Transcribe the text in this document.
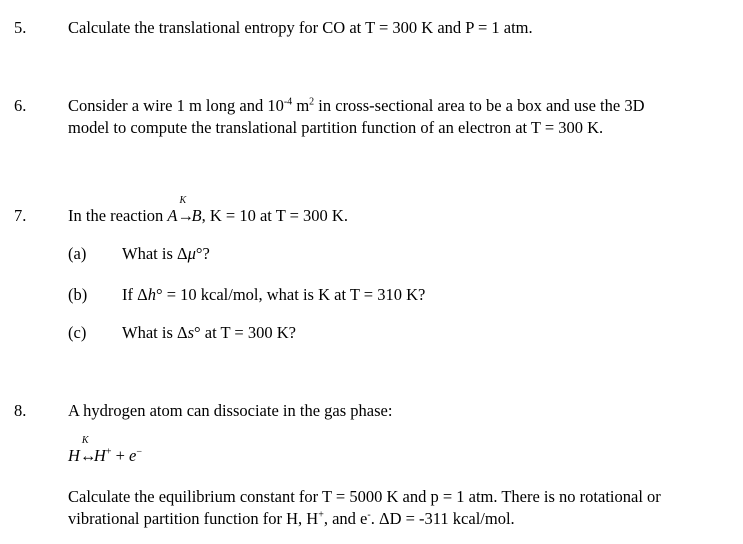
5.	Calculate the translational entropy for CO at T = 300 K and P = 1 atm.
6.	Consider a wire 1 m long and $10^{-4}$ $m^2$ in cross-sectional area to be a box and use the 3D
model to compute the translational partition function of an electron at T = 300 K.
7.	In the reaction A
K
→B, K = 10 at T = 300 K.
(a) What is Δμ°?
(b) If Δh° = 10 kcal/mol, what is K at T = 310 K?
(c) What is Δs° at T = 300 K?
8.	A hydrogen atom can dissociate in the gas phase:
H
K
↔H+ + e−
Calculate the equilibrium constant for T = 5000 K and p = 1 atm. There is no rotational or
vibrational partition function for H, H+, and e-. ΔD = -311 kcal/mol.
